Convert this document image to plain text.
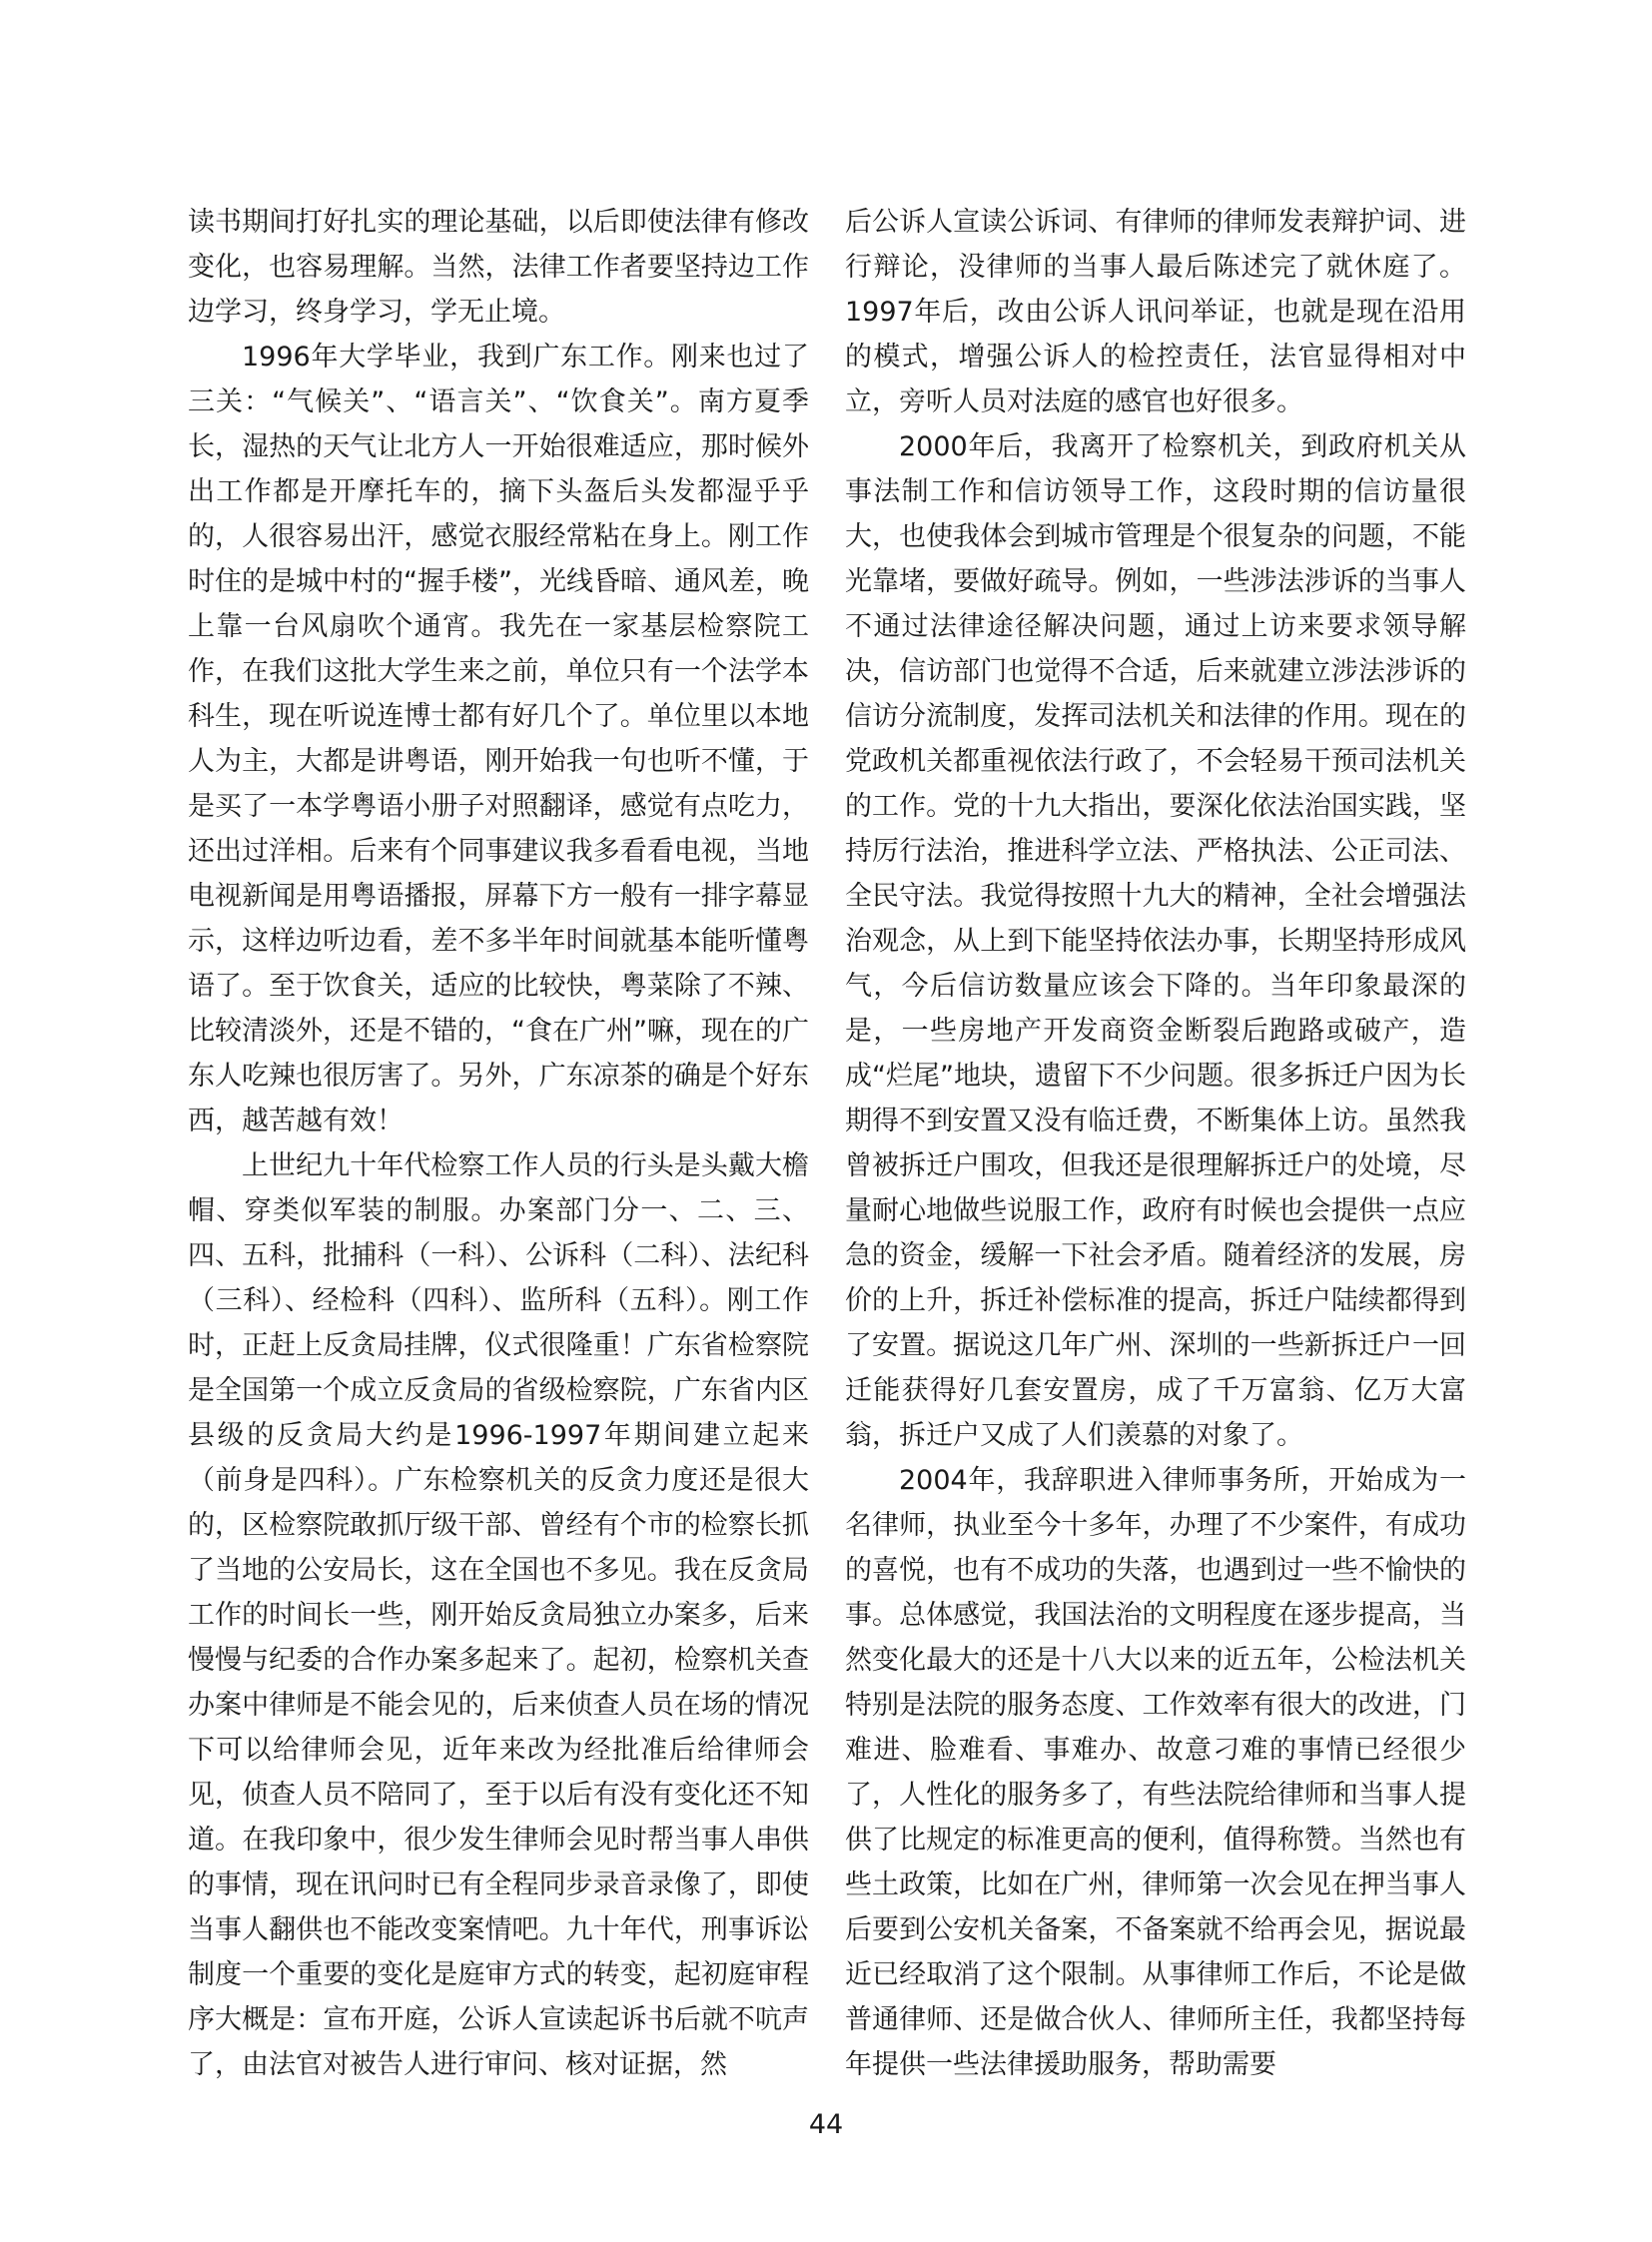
读书期间打好扎实的理论基础，以后即使法律有修改变化，也容易理解。当然，法律工作者要坚持边工作边学习，终身学习，学无止境。

1996年大学毕业，我到广东工作。刚来也过了三关：“气候关”、“语言关”、“饮食关”。南方夏季长，湿热的天气让北方人一开始很难适应，那时候外出工作都是开摩托车的，摘下头盔后头发都湿乎乎的，人很容易出汗，感觉衣服经常粘在身上。刚工作时住的是城中村的“握手楼”，光线昏暗、通风差，晚上靠一台风扇吹个通宵。我先在一家基层检察院工作，在我们这批大学生来之前，单位只有一个法学本科生，现在听说连博士都有好几个了。单位里以本地人为主，大都是讲粤语，刚开始我一句也听不懂，于是买了一本学粤语小册子对照翻译，感觉有点吃力，还出过洋相。后来有个同事建议我多看看电视，当地电视新闻是用粤语播报，屏幕下方一般有一排字幕显示，这样边听边看，差不多半年时间就基本能听懂粤语了。至于饮食关，适应的比较快，粤菜除了不辣、比较清淡外，还是不错的，“食在广州”嘛，现在的广东人吃辣也很厉害了。另外，广东凉茶的确是个好东西，越苦越有效！

上世纪九十年代检察工作人员的行头是头戴大檐帽、穿类似军装的制服。办案部门分一、二、三、四、五科，批捕科（一科）、公诉科（二科）、法纪科（三科）、经检科（四科）、监所科（五科）。刚工作时，正赶上反贪局挂牌，仪式很隆重！广东省检察院是全国第一个成立反贪局的省级检察院，广东省内区县级的反贪局大约是1996-1997年期间建立起来（前身是四科）。广东检察机关的反贪力度还是很大的，区检察院敢抓厅级干部、曾经有个市的检察长抓了当地的公安局长，这在全国也不多见。我在反贪局工作的时间长一些，刚开始反贪局独立办案多，后来慢慢与纪委的合作办案多起来了。起初，检察机关查办案中律师是不能会见的，后来侦查人员在场的情况下可以给律师会见，近年来改为经批准后给律师会见，侦查人员不陪同了，至于以后有没有变化还不知道。在我印象中，很少发生律师会见时帮当事人串供的事情，现在讯问时已有全程同步录音录像了，即使当事人翻供也不能改变案情吧。九十年代，刑事诉讼制度一个重要的变化是庭审方式的转变，起初庭审程序大概是：宣布开庭，公诉人宣读起诉书后就不吭声了，由法官对被告人进行审问、核对证据，然

后公诉人宣读公诉词、有律师的律师发表辩护词、进行辩论，没律师的当事人最后陈述完了就休庭了。1997年后，改由公诉人讯问举证，也就是现在沿用的模式，增强公诉人的检控责任，法官显得相对中立，旁听人员对法庭的感官也好很多。

2000年后，我离开了检察机关，到政府机关从事法制工作和信访领导工作，这段时期的信访量很大，也使我体会到城市管理是个很复杂的问题，不能光靠堵，要做好疏导。例如，一些涉法涉诉的当事人不通过法律途径解决问题，通过上访来要求领导解决，信访部门也觉得不合适，后来就建立涉法涉诉的信访分流制度，发挥司法机关和法律的作用。现在的党政机关都重视依法行政了，不会轻易干预司法机关的工作。党的十九大指出，要深化依法治国实践，坚持厉行法治，推进科学立法、严格执法、公正司法、全民守法。我觉得按照十九大的精神，全社会增强法治观念，从上到下能坚持依法办事，长期坚持形成风气，今后信访数量应该会下降的。当年印象最深的是，一些房地产开发商资金断裂后跑路或破产，造成“烂尾”地块，遗留下不少问题。很多拆迁户因为长期得不到安置又没有临迁费，不断集体上访。虽然我曾被拆迁户围攻，但我还是很理解拆迁户的处境，尽量耐心地做些说服工作，政府有时候也会提供一点应急的资金，缓解一下社会矛盾。随着经济的发展，房价的上升，拆迁补偿标准的提高，拆迁户陆续都得到了安置。据说这几年广州、深圳的一些新拆迁户一回迁能获得好几套安置房，成了千万富翁、亿万大富翁，拆迁户又成了人们羡慕的对象了。

2004年，我辞职进入律师事务所，开始成为一名律师，执业至今十多年，办理了不少案件，有成功的喜悦，也有不成功的失落，也遇到过一些不愉快的事。总体感觉，我国法治的文明程度在逐步提高，当然变化最大的还是十八大以来的近五年，公检法机关特别是法院的服务态度、工作效率有很大的改进，门难进、脸难看、事难办、故意刁难的事情已经很少了，人性化的服务多了，有些法院给律师和当事人提供了比规定的标准更高的便利，值得称赞。当然也有些土政策，比如在广州，律师第一次会见在押当事人后要到公安机关备案，不备案就不给再会见，据说最近已经取消了这个限制。从事律师工作后，不论是做普通律师、还是做合伙人、律师所主任，我都坚持每年提供一些法律援助服务，帮助需要

44
